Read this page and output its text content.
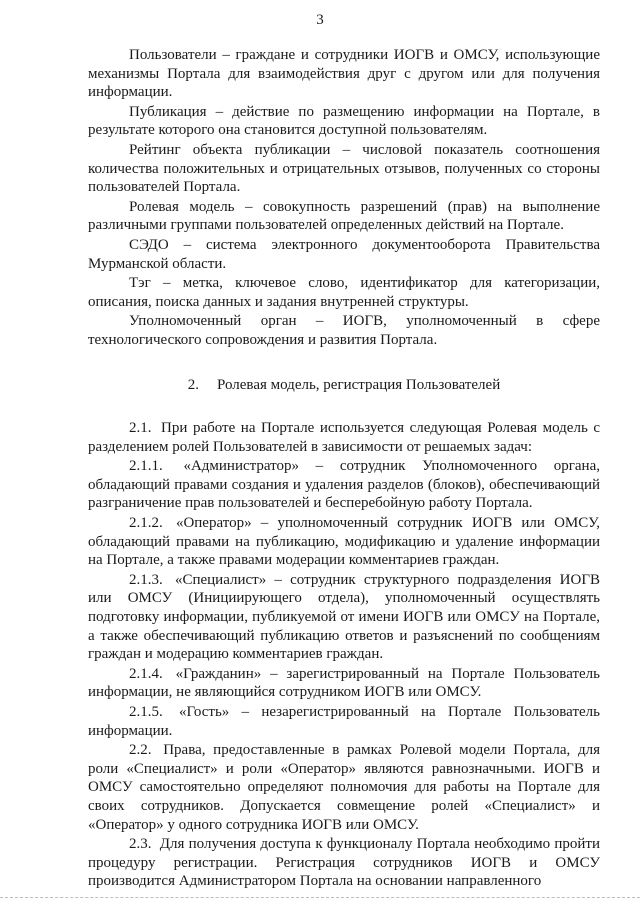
3

Пользователи – граждане и сотрудники ИОГВ и ОМСУ, использующие механизмы Портала для взаимодействия друг с другом или для получения информации.

Публикация – действие по размещению информации на Портале, в результате которого она становится доступной пользователям.

Рейтинг объекта публикации – числовой показатель соотношения количества положительных и отрицательных отзывов, полученных со стороны пользователей Портала.

Ролевая модель – совокупность разрешений (прав) на выполнение различными группами пользователей определенных действий на Портале.

СЭДО – система электронного документооборота Правительства Мурманской области.

Тэг – метка, ключевое слово, идентификатор для категоризации, описания, поиска данных и задания внутренней структуры.

Уполномоченный орган – ИОГВ, уполномоченный в сфере технологического сопровождения и развития Портала.

2. Ролевая модель, регистрация Пользователей

2.1. При работе на Портале используется следующая Ролевая модель с разделением ролей Пользователей в зависимости от решаемых задач:

2.1.1. «Администратор» – сотрудник Уполномоченного органа, обладающий правами создания и удаления разделов (блоков), обеспечивающий разграничение прав пользователей и бесперебойную работу Портала.

2.1.2. «Оператор» – уполномоченный сотрудник ИОГВ или ОМСУ, обладающий правами на публикацию, модификацию и удаление информации на Портале, а также правами модерации комментариев граждан.

2.1.3. «Специалист» – сотрудник структурного подразделения ИОГВ или ОМСУ (Инициирующего отдела), уполномоченный осуществлять подготовку информации, публикуемой от имени ИОГВ или ОМСУ на Портале, а также обеспечивающий публикацию ответов и разъяснений по сообщениям граждан и модерацию комментариев граждан.

2.1.4. «Гражданин» – зарегистрированный на Портале Пользователь информации, не являющийся сотрудником ИОГВ или ОМСУ.

2.1.5. «Гость» – незарегистрированный на Портале Пользователь информации.

2.2. Права, предоставленные в рамках Ролевой модели Портала, для роли «Специалист» и роли «Оператор» являются равнозначными. ИОГВ и ОМСУ самостоятельно определяют полномочия для работы на Портале для своих сотрудников. Допускается совмещение ролей «Специалист» и «Оператор» у одного сотрудника ИОГВ или ОМСУ.

2.3. Для получения доступа к функционалу Портала необходимо пройти процедуру регистрации. Регистрация сотрудников ИОГВ и ОМСУ производится Администратором Портала на основании направленного
